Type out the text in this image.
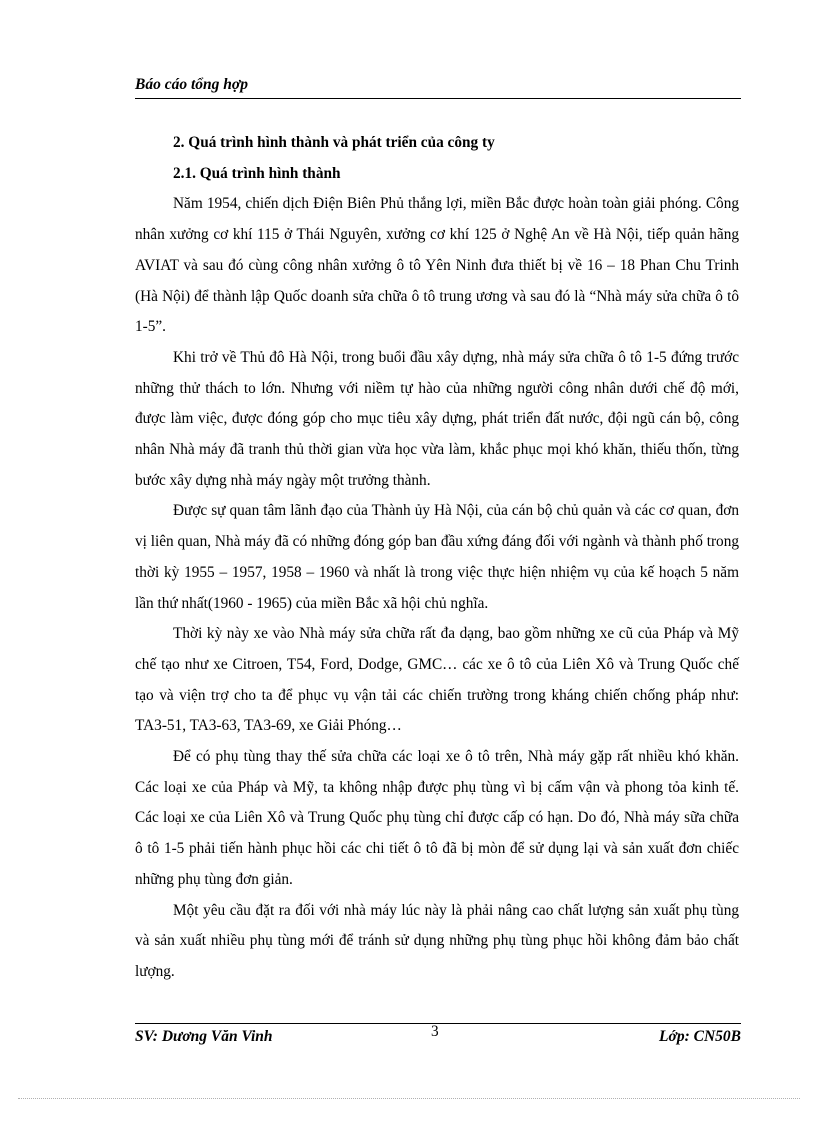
Báo cáo tổng hợp

2. Quá trình hình thành và phát triển của công ty

2.1. Quá trình hình thành

Năm 1954, chiến dịch Điện Biên Phủ thắng lợi, miền Bắc được hoàn toàn giải phóng. Công nhân xưởng cơ khí 115 ở Thái Nguyên, xưởng cơ khí 125 ở Nghệ An về Hà Nội, tiếp quản hãng AVIAT và sau đó cùng công nhân xưởng ô tô Yên Ninh đưa thiết bị về 16 – 18 Phan Chu Trinh (Hà Nội) để thành lập Quốc doanh sửa chữa ô tô trung ương và sau đó là “Nhà máy sửa chữa ô tô 1-5”.

Khi trở về Thủ đô Hà Nội, trong buổi đầu xây dựng, nhà máy sửa chữa ô tô 1-5 đứng trước những thử thách to lớn. Nhưng với niềm tự hào của những người công nhân dưới chế độ mới, được làm việc, được đóng góp cho mục tiêu xây dựng, phát triển đất nước, đội ngũ cán bộ, công nhân Nhà máy đã tranh thủ thời gian vừa học vừa làm, khắc phục mọi khó khăn, thiếu thốn, từng bước xây dựng nhà máy ngày một trưởng thành.

Được sự quan tâm lãnh đạo của Thành ủy Hà Nội, của cán bộ chủ quản và các cơ quan, đơn vị liên quan, Nhà máy đã có những đóng góp ban đầu xứng đáng đối với ngành và thành phố trong thời kỳ 1955 – 1957, 1958 – 1960 và nhất là trong việc thực hiện nhiệm vụ của kế hoạch 5 năm lần thứ nhất(1960 - 1965) của miền Bắc xã hội chủ nghĩa.

Thời kỳ này xe vào Nhà máy sửa chữa rất đa dạng, bao gồm những xe cũ của Pháp và Mỹ chế tạo như xe Citroen, T54, Ford, Dodge, GMC… các xe ô tô của Liên Xô và Trung Quốc chế tạo và viện trợ cho ta để phục vụ vận tải các chiến trường trong kháng chiến chống pháp như: TA3-51, TA3-63, TA3-69, xe Giải Phóng…

Để có phụ tùng thay thế sửa chữa các loại xe ô tô trên, Nhà máy gặp rất nhiều khó khăn. Các loại xe của Pháp và Mỹ, ta không nhập được phụ tùng vì bị cấm vận và phong tỏa kinh tế. Các loại xe của Liên Xô và Trung Quốc phụ tùng chỉ được cấp có hạn. Do đó, Nhà máy sữa chữa ô tô 1-5 phải tiến hành phục hồi các chi tiết ô tô đã bị mòn để sử dụng lại và sản xuất đơn chiếc những phụ tùng đơn giản.

Một yêu cầu đặt ra đối với nhà máy lúc này là phải nâng cao chất lượng sản xuất phụ tùng và sản xuất nhiều phụ tùng mới để tránh sử dụng những phụ tùng phục hồi không đảm bảo chất lượng.

SV: Dương Văn Vinh	3	Lớp: CN50B
